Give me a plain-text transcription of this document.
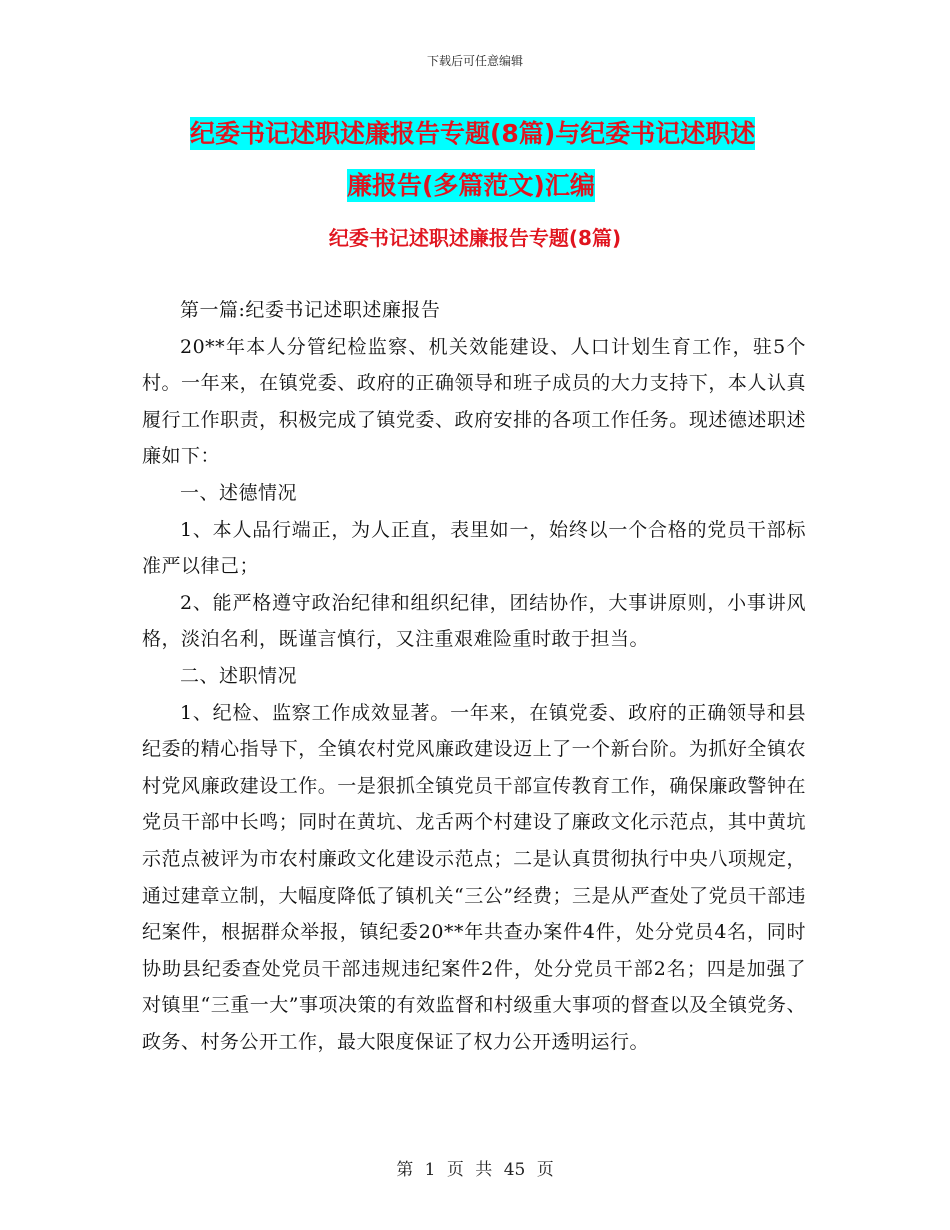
下载后可任意编辑
纪委书记述职述廉报告专题(8篇)与纪委书记述职述
廉报告(多篇范文)汇编
纪委书记述职述廉报告专题(8篇)

第一篇:纪委书记述职述廉报告

20**年本人分管纪检监察、机关效能建设、人口计划生育工作，驻5个村。一年来，在镇党委、政府的正确领导和班子成员的大力支持下，本人认真履行工作职责，积极完成了镇党委、政府安排的各项工作任务。现述德述职述廉如下：

一、述德情况

1、本人品行端正，为人正直，表里如一，始终以一个合格的党员干部标准严以律己；

2、能严格遵守政治纪律和组织纪律，团结协作，大事讲原则，小事讲风格，淡泊名利，既谨言慎行，又注重艰难险重时敢于担当。

二、述职情况

1、纪检、监察工作成效显著。一年来，在镇党委、政府的正确领导和县纪委的精心指导下，全镇农村党风廉政建设迈上了一个新台阶。为抓好全镇农村党风廉政建设工作。一是狠抓全镇党员干部宣传教育工作，确保廉政警钟在党员干部中长鸣；同时在黄坑、龙舌两个村建设了廉政文化示范点，其中黄坑示范点被评为市农村廉政文化建设示范点；二是认真贯彻执行中央八项规定，通过建章立制，大幅度降低了镇机关“三公”经费；三是从严查处了党员干部违纪案件，根据群众举报，镇纪委20**年共查办案件4件，处分党员4名，同时协助县纪委查处党员干部违规违纪案件2件，处分党员干部2名；四是加强了对镇里“三重一大”事项决策的有效监督和村级重大事项的督查以及全镇党务、政务、村务公开工作，最大限度保证了权力公开透明运行。

第 1 页 共 45 页
